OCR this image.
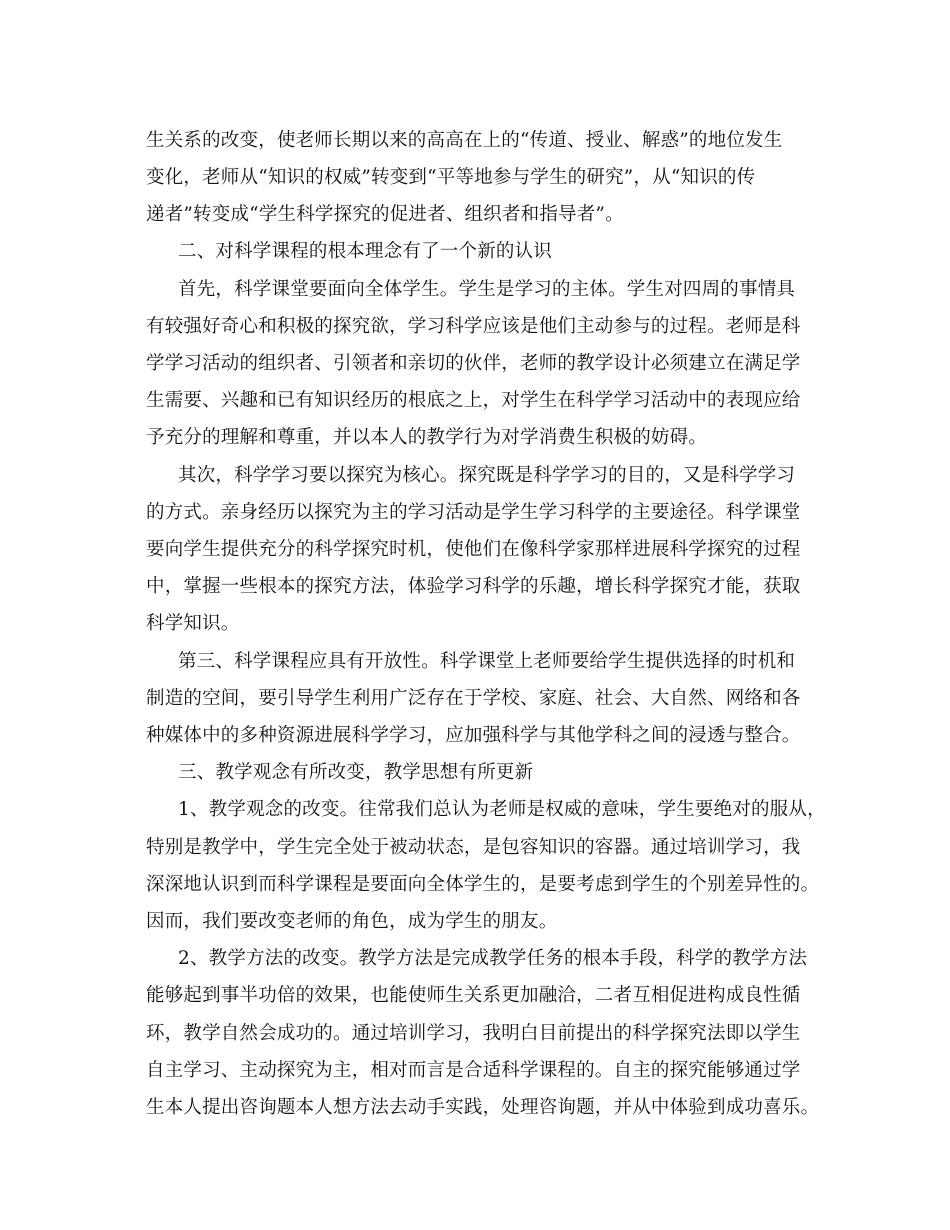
生关系的改变，使老师长期以来的高高在上的“传道、授业、解惑”的地位发生
变化，老师从“知识的权威”转变到“平等地参与学生的研究”，从“知识的传
递者”转变成“学生科学探究的促进者、组织者和指导者”。
二、对科学课程的根本理念有了一个新的认识
首先，科学课堂要面向全体学生。学生是学习的主体。学生对四周的事情具
有较强好奇心和积极的探究欲，学习科学应该是他们主动参与的过程。老师是科
学学习活动的组织者、引领者和亲切的伙伴，老师的教学设计必须建立在满足学
生需要、兴趣和已有知识经历的根底之上，对学生在科学学习活动中的表现应给
予充分的理解和尊重，并以本人的教学行为对学消费生积极的妨碍。
其次，科学学习要以探究为核心。探究既是科学学习的目的，又是科学学习
的方式。亲身经历以探究为主的学习活动是学生学习科学的主要途径。科学课堂
要向学生提供充分的科学探究时机，使他们在像科学家那样进展科学探究的过程
中，掌握一些根本的探究方法，体验学习科学的乐趣，增长科学探究才能，获取
科学知识。
第三、科学课程应具有开放性。科学课堂上老师要给学生提供选择的时机和
制造的空间，要引导学生利用广泛存在于学校、家庭、社会、大自然、网络和各
种媒体中的多种资源进展科学学习，应加强科学与其他学科之间的浸透与整合。
三、教学观念有所改变，教学思想有所更新
1、教学观念的改变。往常我们总认为老师是权威的意味，学生要绝对的服从，
特别是教学中，学生完全处于被动状态，是包容知识的容器。通过培训学习，我
深深地认识到而科学课程是要面向全体学生的，是要考虑到学生的个别差异性的。
因而，我们要改变老师的角色，成为学生的朋友。
2、教学方法的改变。教学方法是完成教学任务的根本手段，科学的教学方法
能够起到事半功倍的效果，也能使师生关系更加融洽，二者互相促进构成良性循
环，教学自然会成功的。通过培训学习，我明白目前提出的科学探究法即以学生
自主学习、主动探究为主，相对而言是合适科学课程的。自主的探究能够通过学
生本人提出咨询题本人想方法去动手实践，处理咨询题，并从中体验到成功喜乐。
